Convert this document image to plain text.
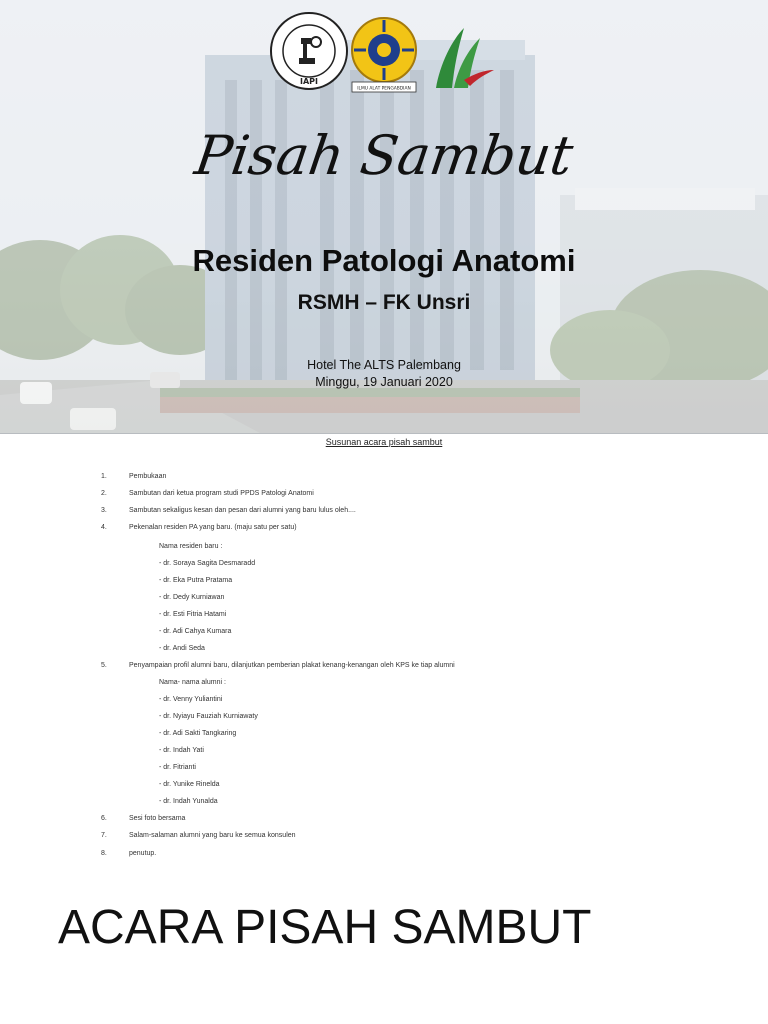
IAPI
ILMU ALAT PENGABDIAN
Pisah Sambut
Residen Patologi Anatomi
RSMH – FK Unsri
Hotel The ALTS Palembang
Minggu, 19 Januari 2020
Susunan acara pisah sambut
1.	Pembukaan
2.	Sambutan dari ketua program studi PPDS Patologi Anatomi
3.	Sambutan sekaligus kesan dan pesan dari alumni yang baru lulus oleh....
4.	Pekenalan residen PA yang baru. (maju satu per satu)
Nama residen baru :
- dr. Soraya Sagita Desmaradd
- dr. Eka Putra Pratama
- dr. Dedy Kurniawan
- dr. Esti Fitria Hatami
- dr. Adi Cahya Kumara
- dr. Andi Seda
5.	Penyampaian profil alumni baru, dilanjutkan pemberian plakat kenang-kenangan oleh KPS ke tiap alumni
Nama- nama alumni :
- dr. Venny Yuliantini
- dr. Nyiayu Fauziah Kurniawaty
- dr. Adi Sakti Tangkaring
- dr. Indah Yati
- dr. Fitrianti
- dr. Yunike Rinelda
- dr. Indah Yunalda
6.	Sesi foto bersama
7.	Salam-salaman alumni yang baru ke semua konsulen
8.	penutup.
ACARA PISAH SAMBUT
